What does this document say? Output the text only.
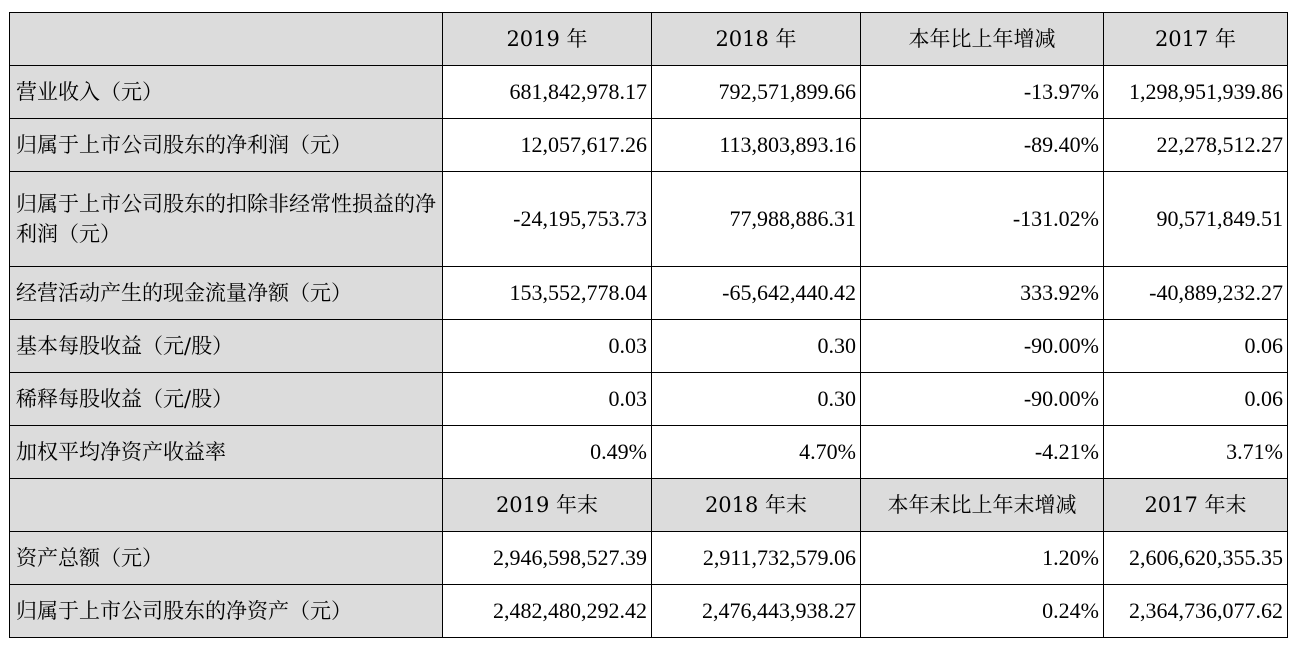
	2019 年	2018 年	本年比上年增减	2017 年
营业收入（元）	681,842,978.17	792,571,899.66	-13.97%	1,298,951,939.86
归属于上市公司股东的净利润（元）	12,057,617.26	113,803,893.16	-89.40%	22,278,512.27
归属于上市公司股东的扣除非经常性损益的净利润（元）	-24,195,753.73	77,988,886.31	-131.02%	90,571,849.51
经营活动产生的现金流量净额（元）	153,552,778.04	-65,642,440.42	333.92%	-40,889,232.27
基本每股收益（元/股）	0.03	0.30	-90.00%	0.06
稀释每股收益（元/股）	0.03	0.30	-90.00%	0.06
加权平均净资产收益率	0.49%	4.70%	-4.21%	3.71%
	2019 年末	2018 年末	本年末比上年末增减	2017 年末
资产总额（元）	2,946,598,527.39	2,911,732,579.06	1.20%	2,606,620,355.35
归属于上市公司股东的净资产（元）	2,482,480,292.42	2,476,443,938.27	0.24%	2,364,736,077.62
